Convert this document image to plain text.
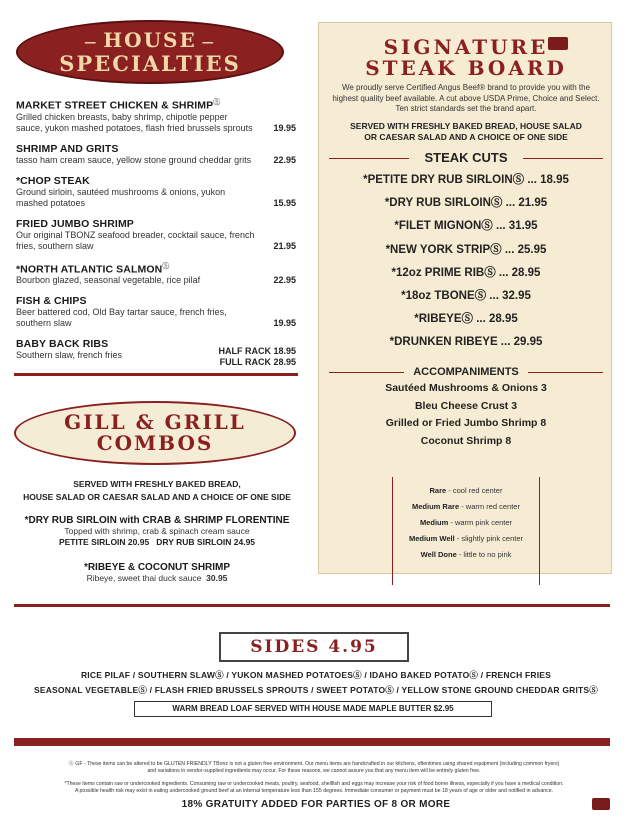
— HOUSE —
SPECIALTIES
MARKET STREET CHICKEN & SHRIMPⓈ
Grilled chicken breasts, baby shrimp, chipotle pepper sauce, yukon mashed potatoes, flash fried brussels sprouts 19.95
SHRIMP AND GRITS
tasso ham cream sauce, yellow stone ground cheddar grits 22.95
*CHOP STEAK
Ground sirloin, sautéed mushrooms & onions, yukon mashed potatoes	15.95
FRIED JUMBO SHRIMP
Our original TBONZ seafood breader, cocktail sauce, french fries, southern slaw	21.95
*NORTH ATLANTIC SALMONⓈ
Bourbon glazed, seasonal vegetable, rice pilaf	22.95
FISH & CHIPS
Beer battered cod, Old Bay tartar sauce, french fries, southern slaw	19.95
BABY BACK RIBS
Southern slaw, french fries	HALF RACK 18.95
FULL RACK 28.95
GILL & GRILL
COMBOS
SERVED WITH FRESHLY BAKED BREAD,
HOUSE SALAD OR CAESAR SALAD AND A CHOICE OF ONE SIDE
*DRY RUB SIRLOIN with CRAB & SHRIMP FLORENTINE
Topped with shrimp, crab & spinach cream sauce
PETITE SIRLOIN 20.95 DRY RUB SIRLOIN 24.95
*RIBEYE & COCONUT SHRIMP
Ribeye, sweet thai duck sauce 30.95
SIGNATURE
STEAK BOARD
We proudly serve Certified Angus Beef® brand to provide you with the highest quality beef available. A cut above USDA Prime, Choice and Select. Ten strict standards set the brand apart.
SERVED WITH FRESHLY BAKED BREAD, HOUSE SALAD
OR CAESAR SALAD AND A CHOICE OF ONE SIDE
STEAK CUTS
*PETITE DRY RUB SIRLOINⓈ ... 18.95
*DRY RUB SIRLOINⓈ ... 21.95
*FILET MIGNONⓈ ... 31.95
*NEW YORK STRIPⓈ ... 25.95
*12oz PRIME RIBⓈ ... 28.95
*18oz TBONEⓈ ... 32.95
*RIBEYEⓈ ... 28.95
*DRUNKEN RIBEYE ... 29.95
ACCOMPANIMENTS
Sautéed Mushrooms & Onions 3
Bleu Cheese Crust 3
Grilled or Fried Jumbo Shrimp 8
Coconut Shrimp 8
Rare - cool red center
Medium Rare - warm red center
Medium - warm pink center
Medium Well - slightly pink center
Well Done - little to no pink
SIDES 4.95
RICE PILAF / SOUTHERN SLAWⓈ / YUKON MASHED POTATOESⓈ / IDAHO BAKED POTATOⓈ / FRENCH FRIES
SEASONAL VEGETABLEⓈ / FLASH FRIED BRUSSELS SPROUTS / SWEET POTATOⓈ / YELLOW STONE GROUND CHEDDAR GRITSⓈ
WARM BREAD LOAF SERVED WITH HOUSE MADE MAPLE BUTTER $2.95
Ⓢ GF - These items can be altered to be GLUTEN FRIENDLY TBonz is not a gluten free environment. Our menu items are handcrafted in our kitchens, oftentimes using shared equipment (including common fryers)
and variations in vendor-supplied ingredients may occur. For these reasons, we cannot assure you that any menu item will be entirely gluten free.
*These items contain raw or undercooked ingredients. Consuming raw or undercooked meats, poultry, seafood, shellfish and eggs may increase your risk of food borne illness, especially if you have a medical condition.
A possible health risk may exist in eating undercooked ground beef at an internal temperature less than 155 degrees. Immediate consumer or payment must be 18 years of age or older and notified in advance.
18% GRATUITY ADDED FOR PARTIES OF 8 OR MORE
